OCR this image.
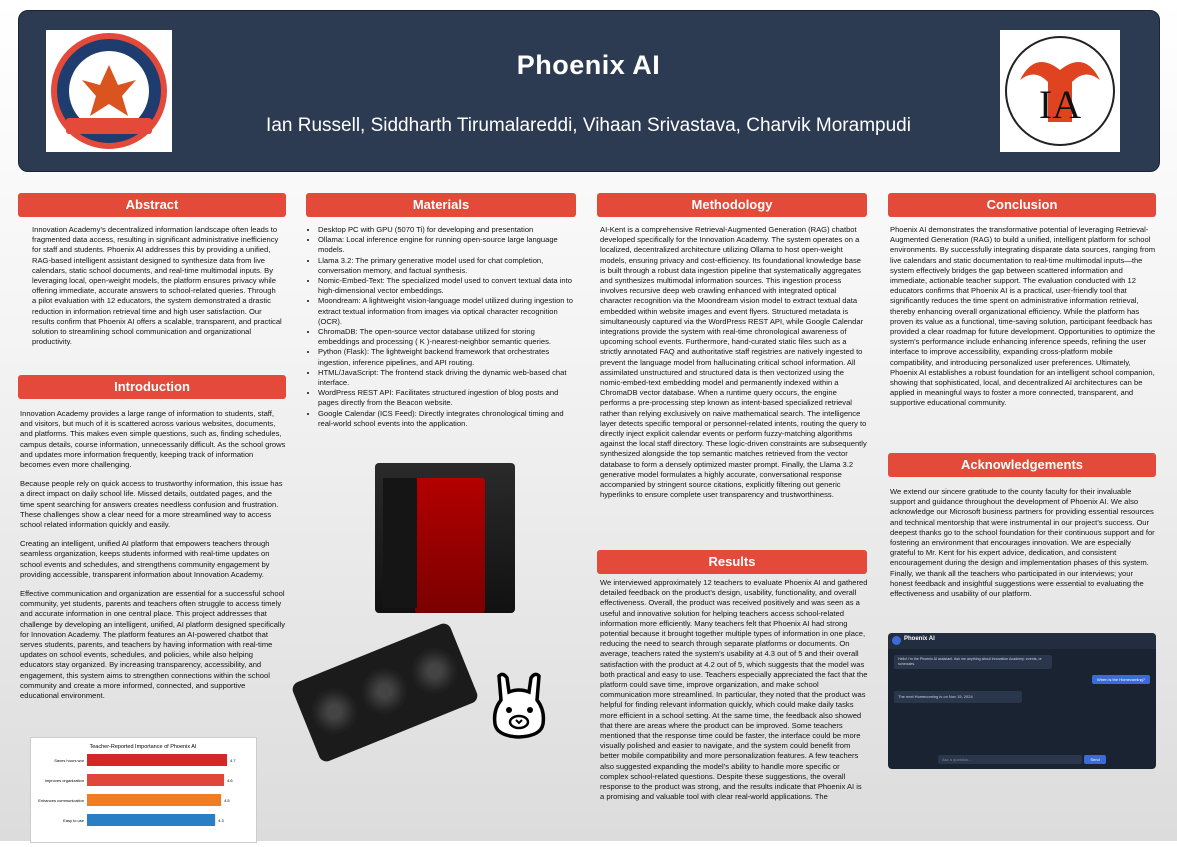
IA
Phoenix AI
Ian Russell, Siddharth Tirumalareddi, Vihaan Srivastava, Charvik Morampudi
Abstract
Innovation Academy’s decentralized information landscape often leads to fragmented data access, resulting in significant administrative inefficiency for staff and students. Phoenix AI addresses this by providing a unified, RAG-based intelligent assistant designed to synthesize data from live calendars, static school documents, and real-time multimodal inputs. By leveraging local, open-weight models, the platform ensures privacy while offering immediate, accurate answers to school-related queries. Through a pilot evaluation with 12 educators, the system demonstrated a drastic reduction in information retrieval time and high user satisfaction. Our results confirm that Phoenix AI offers a scalable, transparent, and practical solution to streamlining school communication and organizational productivity.
Introduction

Innovation Academy provides a large range of information to students, staff, and visitors, but much of it is scattered across various websites, documents, and platforms. This makes even simple questions, such as, finding schedules, campus details, course information, unnecessarily difficult. As the school grows and updates more information frequently, keeping track of information becomes even more challenging.

Because people rely on quick access to trustworthy information, this issue has a direct impact on daily school life. Missed details, outdated pages, and the time spent searching for answers creates needless confusion and frustration. These challenges show a clear need for a more streamlined way to access school related information quickly and easily.

Creating an intelligent, unified AI platform that empowers teachers through seamless organization, keeps students informed with real-time updates on school events and schedules, and strengthens community engagement by providing accessible, transparent information about Innovation Academy.

Effective communication and organization are essential for a successful school community, yet students, parents and teachers often struggle to access timely and accurate information in one central place. This project addresses that challenge by developing an intelligent, unified, AI platform designed specifically for Innovation Academy. The platform features an AI-powered chatbot that serves students, parents, and teachers by having information with real-time updates on school events, schedules, and policies, while also helping educators stay organized. By increasing transparency, accessibility, and engagement, this system aims to strengthen connections within the school community and create a more informed, connected, and supportive educational environment.

Teacher-Reported Importance of Phoenix AI
Saves hours wor	4.7
Improves organization	4.6
Enhances communication	4.5
Easy to use	4.3
Materials
• Desktop PC with GPU (5070 Ti) for developing and presentation
• Ollama: Local inference engine for running open-source large language models.
• Llama 3.2: The primary generative model used for chat completion, conversation memory, and factual synthesis.
• Nomic-Embed-Text: The specialized model used to convert textual data into high-dimensional vector embeddings.
• Moondream: A lightweight vision-language model utilized during ingestion to extract textual information from images via optical character recognition (OCR).
• ChromaDB: The open-source vector database utilized for storing embeddings and processing ( K )-nearest-neighbor semantic queries.
• Python (Flask): The lightweight backend framework that orchestrates ingestion, inference pipelines, and API routing.
• HTML/JavaScript: The frontend stack driving the dynamic web-based chat interface.
• WordPress REST API: Facilitates structured ingestion of blog posts and pages directly from the Beacon website.
• Google Calendar (ICS Feed): Directly integrates chronological timing and real-world school events into the application.
Methodology
AI-Kent is a comprehensive Retrieval-Augmented Generation (RAG) chatbot developed specifically for the Innovation Academy. The system operates on a localized, decentralized architecture utilizing Ollama to host open-weight models, ensuring privacy and cost-efficiency. Its foundational knowledge base is built through a robust data ingestion pipeline that systematically aggregates and synthesizes multimodal information sources. This ingestion process involves recursive deep web crawling enhanced with integrated optical character recognition via the Moondream vision model to extract textual data embedded within website images and event flyers. Structured metadata is simultaneously captured via the WordPress REST API, while Google Calendar integrations provide the system with real-time chronological awareness of upcoming school events. Furthermore, hand-curated static files such as a strictly annotated FAQ and authoritative staff registries are natively ingested to prevent the language model from hallucinating critical school information. All assimilated unstructured and structured data is then vectorized using the nomic-embed-text embedding model and permanently indexed within a ChromaDB vector database. When a runtime query occurs, the engine performs a pre-processing step known as intent-based specialized retrieval rather than relying exclusively on naive mathematical search. The intelligence layer detects specific temporal or personnel-related intents, routing the query to directly inject explicit calendar events or perform fuzzy-matching algorithms against the local staff directory. These logic-driven constraints are subsequently synthesized alongside the top semantic matches retrieved from the vector database to form a densely optimized master prompt. Finally, the Llama 3.2 generative model formulates a highly accurate, conversational response accompanied by stringent source citations, explicitly filtering out generic hyperlinks to ensure complete user transparency and trustworthiness.
Results
We interviewed approximately 12 teachers to evaluate Phoenix AI and gathered detailed feedback on the product’s design, usability, functionality, and overall effectiveness. Overall, the product was received positively and was seen as a useful and innovative solution for helping teachers access school-related information more efficiently. Many teachers felt that Phoenix AI had strong potential because it brought together multiple types of information in one place, reducing the need to search through separate platforms or documents. On average, teachers rated the system’s usability at 4.3 out of 5 and their overall satisfaction with the product at 4.2 out of 5, which suggests that the model was both practical and easy to use. Teachers especially appreciated the fact that the platform could save time, improve organization, and make school communication more streamlined. In particular, they noted that the product was helpful for finding relevant information quickly, which could make daily tasks more efficient in a school setting. At the same time, the feedback also showed that there are areas where the product can be improved. Some teachers mentioned that the response time could be faster, the interface could be more visually polished and easier to navigate, and the system could benefit from better mobile compatibility and more personalization features. A few teachers also suggested expanding the model’s ability to handle more specific or complex school-related questions. Despite these suggestions, the overall response to the product was strong, and the results indicate that Phoenix AI is a promising and valuable tool with clear real-world applications. The
Conclusion
Phoenix AI demonstrates the transformative potential of leveraging Retrieval-Augmented Generation (RAG) to build a unified, intelligent platform for school environments. By successfully integrating disparate data sources, ranging from live calendars and static documentation to real-time multimodal inputs—the system effectively bridges the gap between scattered information and immediate, actionable teacher support. The evaluation conducted with 12 educators confirms that Phoenix AI is a practical, user-friendly tool that significantly reduces the time spent on administrative information retrieval, thereby enhancing overall organizational efficiency. While the platform has proven its value as a functional, time-saving solution, participant feedback has provided a clear roadmap for future development. Opportunities to optimize the system’s performance include enhancing inference speeds, refining the user interface to improve accessibility, expanding cross-platform mobile compatibility, and introducing personalized user preferences. Ultimately, Phoenix AI establishes a robust foundation for an intelligent school companion, showing that sophisticated, local, and decentralized AI architectures can be applied in meaningful ways to foster a more connected, transparent, and supportive educational community.
Acknowledgements
We extend our sincere gratitude to the county faculty for their invaluable support and guidance throughout the development of Phoenix AI. We also acknowledge our Microsoft business partners for providing essential resources and technical mentorship that were instrumental in our project’s success. Our deepest thanks go to the school foundation for their continuous support and for fostering an environment that encourages innovation. We are especially grateful to Mr. Kent for his expert advice, dedication, and consistent encouragement during the design and implementation phases of this system. Finally, we thank all the teachers who participated in our interviews; your honest feedback and insightful suggestions were essential to evaluating the effectiveness and usability of our platform.
Phoenix AI
Hello! I'm the Phoenix AI assistant. Ask me anything about Innovation Academy: events, or schedules.
When is the Homecoming?
The next Homecoming is on Nov 15, 2024
Ask a question...	Send
